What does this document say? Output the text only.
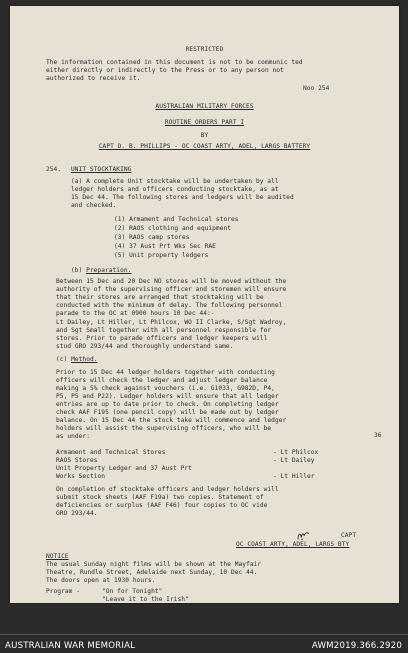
RESTRICTED
The information contained in this document is not to be communic ted
either directly or indirectly to the Press or to any person not
authorized to receive it.
Noo 254
AUSTRALIAN MILITARY FORCES
ROUTINE ORDERS PART I
BY
CAPT D. B. PHILLIPS - OC COAST ARTY, ADEL, LARGS BATTERY
254. UNIT STOCKTAKING
(a) A complete Unit stocktake will be undertaken by all
ledger holders and officers conducting stocktake, as at
15 Dec 44. The following stores and ledgers will be audited
and checked.
(1) Armament and Technical stores
(2) RAOS clothing and equipment
(3) RAOS camp stores
(4) 37 Aust Prt Wks Sec RAE
(5) Unit property ledgers
(b) Preparation.
Between 15 Dec and 20 Dec NO stores will be moved without the
authority of the supervising officer and storemen will ensure
that their stores are arranged that stocktaking will be
conducted with the minimum of delay. The following personnel
parade to the OC at 0900 hours 10 Dec 44:-
Lt Dailey, Lt Hiller, Lt Philcox, WO II Clarke, S/Sgt Wadroy,
and Sgt Small together with all personnel responsible for
stores. Prior to parade officers and ledger keepers will
stud GRO 293/44 and thoroughly understand same.
(c) Method.
Prior to 15 Dec 44 ledger holders together with conducting
officers will check the ledger and adjust ledger balance
making a 5% check against vouchers (i.e. G1033, G982D, P4,
P5, P5 and P22). Ledger holders will ensure that all ledger
entries are up to date prior to check. On completing ledger
check AAF F195 (one pencil copy) will be made out by ledger
balance. On 15 Dec 44 the stock take will commence and ledger
holders will assist the supervising officers, who will be
36
as under:
Armament and Technical Stores
RAOS Stores
Unit Property Ledger and 37 Aust Prt
Works Section
- Lt Philcox
- Lt Dailey
- Lt Hiller
On completion of stocktake officers and ledger holders will
submit stock sheets (AAF F19a) two copies. Statement of
deficiencies or surplus (AAF F46) four copies to OC vide
GRO 293/44.
CAPT
OC COAST ARTY, ADEL, LARGS BTY
NOTICE
The usual Sunday night films will be shown at the Mayfair
Theatre, Rundle Street, Adelaide next Sunday, 10 Dec 44.
The doors open at 1930 hours.
Program -	"On for Tonight"
"Leave it to the Irish"
AUSTRALIAN WAR MEMORIAL	AWM2019.366.2920
